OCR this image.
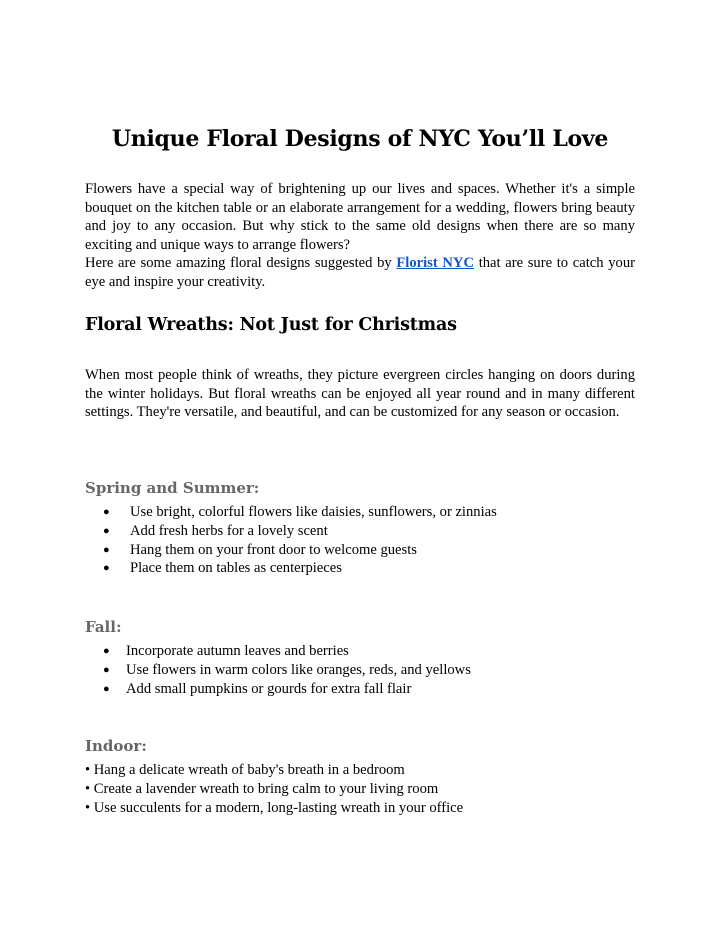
Unique Floral Designs of NYC You’ll Love

Flowers have a special way of brightening up our lives and spaces. Whether it's a simple bouquet on the kitchen table or an elaborate arrangement for a wedding, flowers bring beauty and joy to any occasion. But why stick to the same old designs when there are so many exciting and unique ways to arrange flowers?
Here are some amazing floral designs suggested by Florist NYC that are sure to catch your eye and inspire your creativity.

Floral Wreaths: Not Just for Christmas

When most people think of wreaths, they picture evergreen circles hanging on doors during the winter holidays. But floral wreaths can be enjoyed all year round and in many different settings. They're versatile, and beautiful, and can be customized for any season or occasion.

Spring and Summer:
● Use bright, colorful flowers like daisies, sunflowers, or zinnias
● Add fresh herbs for a lovely scent
● Hang them on your front door to welcome guests
● Place them on tables as centerpieces
Fall:
● Incorporate autumn leaves and berries
● Use flowers in warm colors like oranges, reds, and yellows
● Add small pumpkins or gourds for extra fall flair
Indoor:
• Hang a delicate wreath of baby's breath in a bedroom
• Create a lavender wreath to bring calm to your living room
• Use succulents for a modern, long-lasting wreath in your office
